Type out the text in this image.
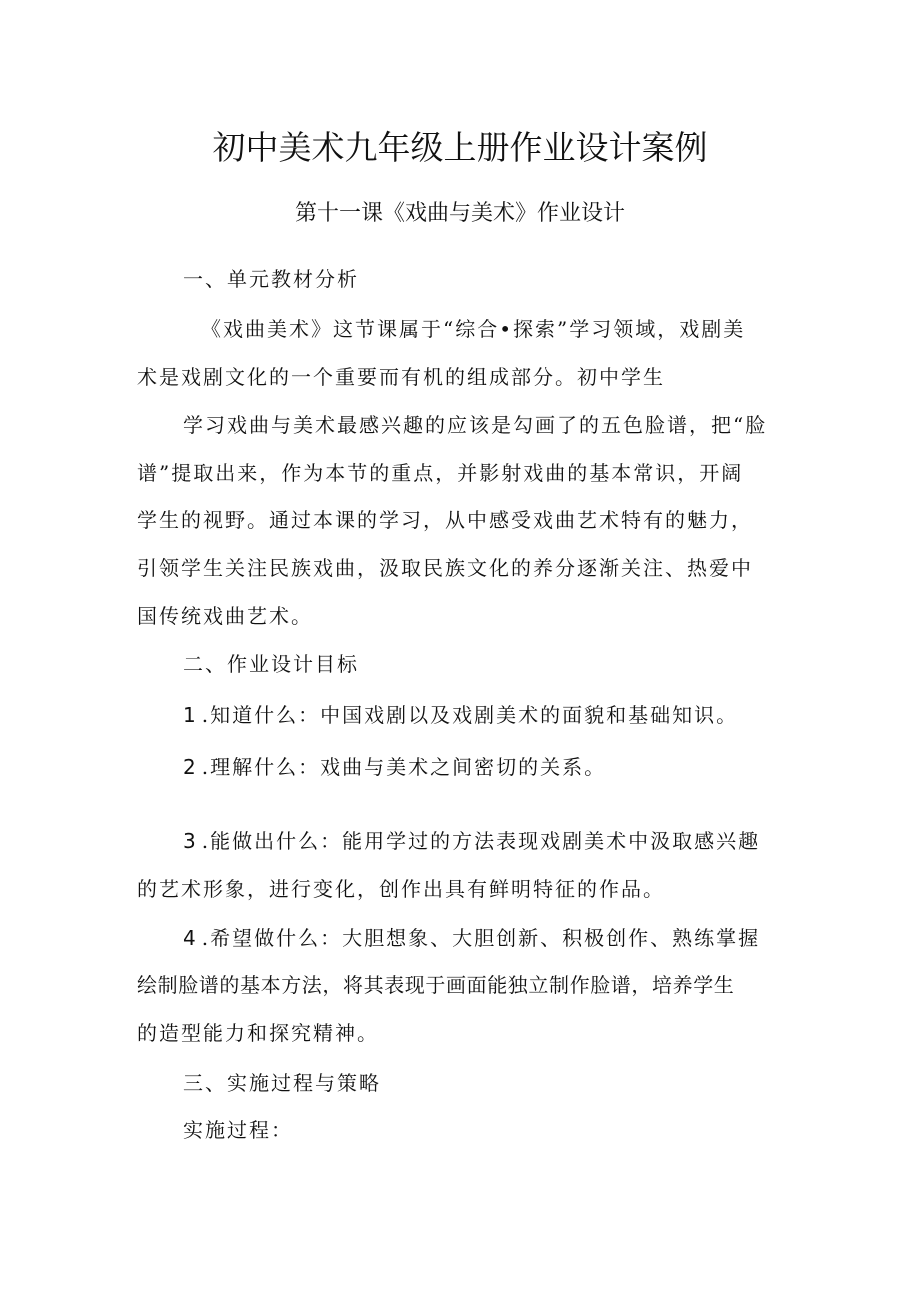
初中美术九年级上册作业设计案例
第十一课《戏曲与美术》作业设计
一、单元教材分析
《戏曲美术》这节课属于“综合•探索”学习领域，戏剧美
术是戏剧文化的一个重要而有机的组成部分。初中学生
学习戏曲与美术最感兴趣的应该是勾画了的五色脸谱，把“脸
谱”提取出来，作为本节的重点，并影射戏曲的基本常识，开阔
学生的视野。通过本课的学习，从中感受戏曲艺术特有的魅力，
引领学生关注民族戏曲，汲取民族文化的养分逐渐关注、热爱中
国传统戏曲艺术。
二、作业设计目标
1 .知道什么：中国戏剧以及戏剧美术的面貌和基础知识。
2 .理解什么：戏曲与美术之间密切的关系。
3 .能做出什么：能用学过的方法表现戏剧美术中汲取感兴趣
的艺术形象，进行变化，创作出具有鲜明特征的作品。
4 .希望做什么：大胆想象、大胆创新、积极创作、熟练掌握
绘制脸谱的基本方法，将其表现于画面能独立制作脸谱，培养学生
的造型能力和探究精神。
三、实施过程与策略
实施过程：
